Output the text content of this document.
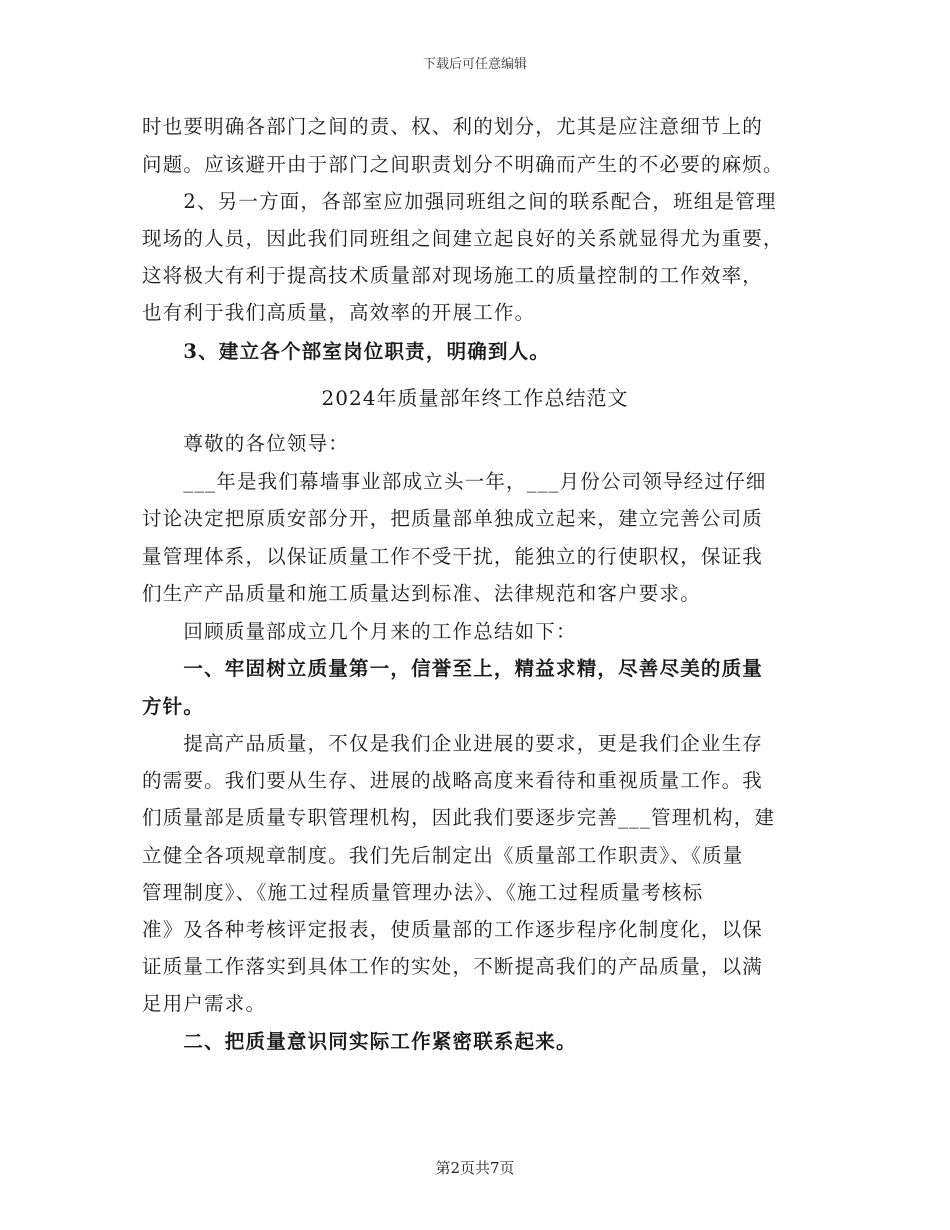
下载后可任意编辑
时也要明确各部门之间的责、权、利的划分，尤其是应注意细节上的
问题。应该避开由于部门之间职责划分不明确而产生的不必要的麻烦。
　　2、另一方面，各部室应加强同班组之间的联系配合，班组是管理
现场的人员，因此我们同班组之间建立起良好的关系就显得尤为重要，
这将极大有利于提高技术质量部对现场施工的质量控制的工作效率，
也有利于我们高质量，高效率的开展工作。
　　3、建立各个部室岗位职责，明确到人。
2024年质量部年终工作总结范文
　　尊敬的各位领导：
　　___年是我们幕墙事业部成立头一年，___月份公司领导经过仔细
讨论决定把原质安部分开，把质量部单独成立起来，建立完善公司质
量管理体系，以保证质量工作不受干扰，能独立的行使职权，保证我
们生产产品质量和施工质量达到标准、法律规范和客户要求。
　　回顾质量部成立几个月来的工作总结如下：
　　一、牢固树立质量第一，信誉至上，精益求精，尽善尽美的质量
方针。
　　提高产品质量，不仅是我们企业进展的要求，更是我们企业生存
的需要。我们要从生存、进展的战略高度来看待和重视质量工作。我
们质量部是质量专职管理机构，因此我们要逐步完善___管理机构，建
立健全各项规章制度。我们先后制定出《质量部工作职责》、《质量
管理制度》、《施工过程质量管理办法》、《施工过程质量考核标
准》及各种考核评定报表，使质量部的工作逐步程序化制度化，以保
证质量工作落实到具体工作的实处，不断提高我们的产品质量，以满
足用户需求。
　　二、把质量意识同实际工作紧密联系起来。
第2页共7页
